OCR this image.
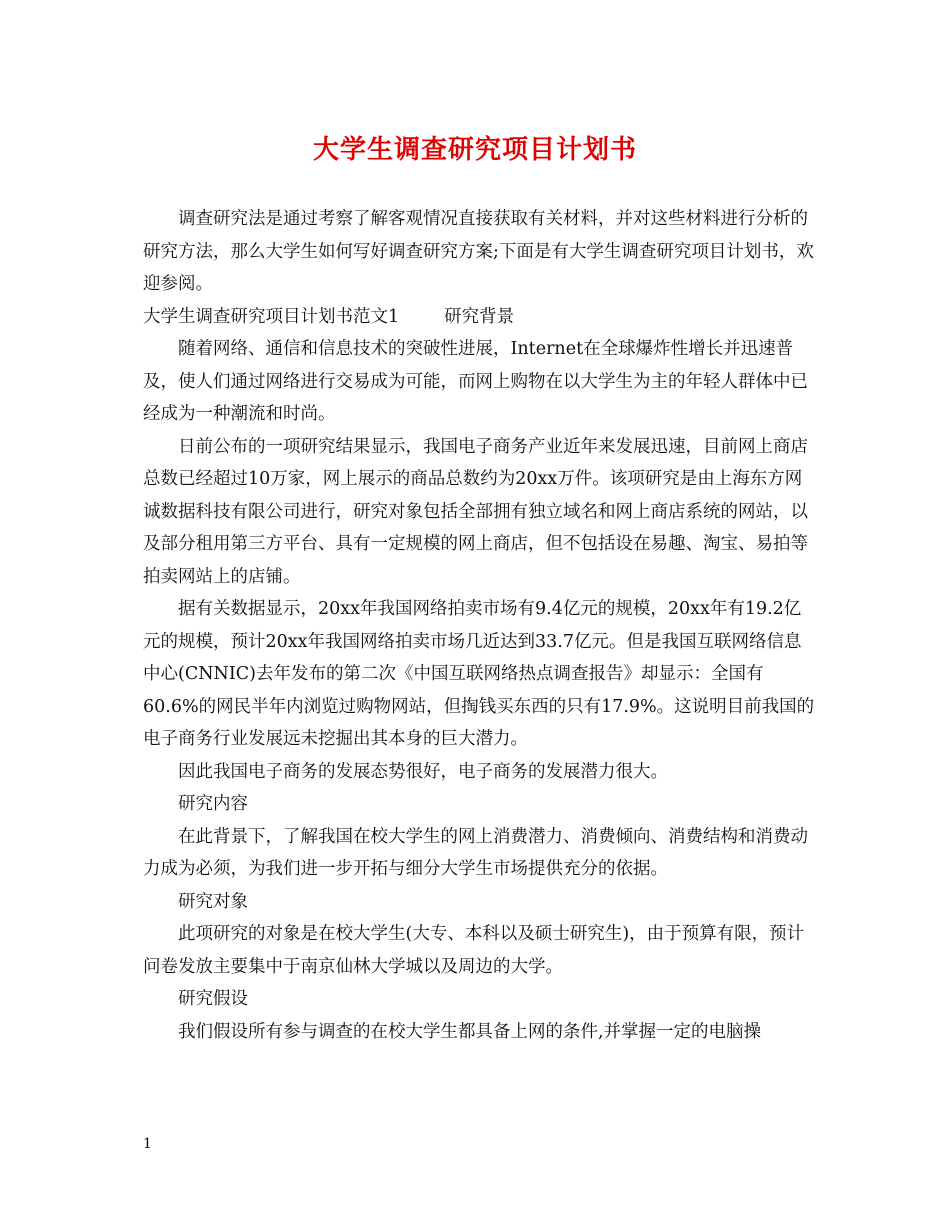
大学生调查研究项目计划书

调查研究法是通过考察了解客观情况直接获取有关材料，并对这些材料进行分析的研究方法，那么大学生如何写好调查研究方案;下面是有大学生调查研究项目计划书，欢迎参阅。

大学生调查研究项目计划书范文1	研究背景

随着网络、通信和信息技术的突破性进展，Internet在全球爆炸性增长并迅速普及，使人们通过网络进行交易成为可能，而网上购物在以大学生为主的年轻人群体中已经成为一种潮流和时尚。

日前公布的一项研究结果显示，我国电子商务产业近年来发展迅速，目前网上商店总数已经超过10万家，网上展示的商品总数约为20xx万件。该项研究是由上海东方网诚数据科技有限公司进行，研究对象包括全部拥有独立域名和网上商店系统的网站，以及部分租用第三方平台、具有一定规模的网上商店，但不包括设在易趣、淘宝、易拍等拍卖网站上的店铺。

据有关数据显示，20xx年我国网络拍卖市场有9.4亿元的规模，20xx年有19.2亿元的规模，预计20xx年我国网络拍卖市场几近达到33.7亿元。但是我国互联网络信息中心(CNNIC)去年发布的第二次《中国互联网络热点调查报告》却显示：全国有60.6%的网民半年内浏览过购物网站，但掏钱买东西的只有17.9%。这说明目前我国的电子商务行业发展远未挖掘出其本身的巨大潜力。

因此我国电子商务的发展态势很好，电子商务的发展潜力很大。

研究内容

在此背景下，了解我国在校大学生的网上消费潜力、消费倾向、消费结构和消费动力成为必须，为我们进一步开拓与细分大学生市场提供充分的依据。

研究对象

此项研究的对象是在校大学生(大专、本科以及硕士研究生)，由于预算有限，预计问卷发放主要集中于南京仙林大学城以及周边的大学。

研究假设

我们假设所有参与调查的在校大学生都具备上网的条件,并掌握一定的电脑操

1
